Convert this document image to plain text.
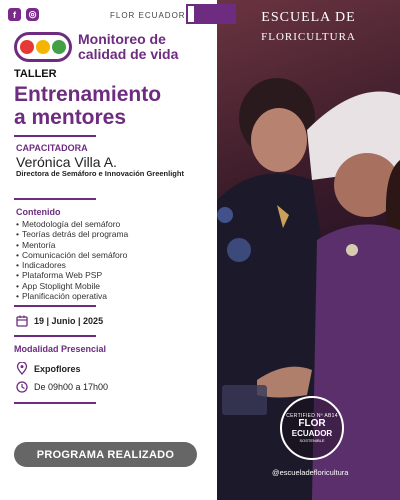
f	◎	FLOR ECUADOR
Monitoreo de
calidad de vida
TALLER
Entrenamiento
a mentores
CAPACITADORA
Verónica Villa A.
Directora de Semáforo e Innovación Greenlight
Contenido
• Metodología del semáforo
• Teorías detrás del programa
• Mentoría
• Comunicación del semáforo
• Indicadores
• Plataforma Web PSP
• App Stoplight Mobile
• Planificación operativa
19 | Junio | 2025
Modalidad Presencial
Expoflores
De 09h00 a 17h00
PROGRAMA REALIZADO
ESCUELA DE
FLORICULTURA
CERTIFIED Nº AB14
FLOR
ECUADOR
SOSTENIBLE
@escueladefloricultura
